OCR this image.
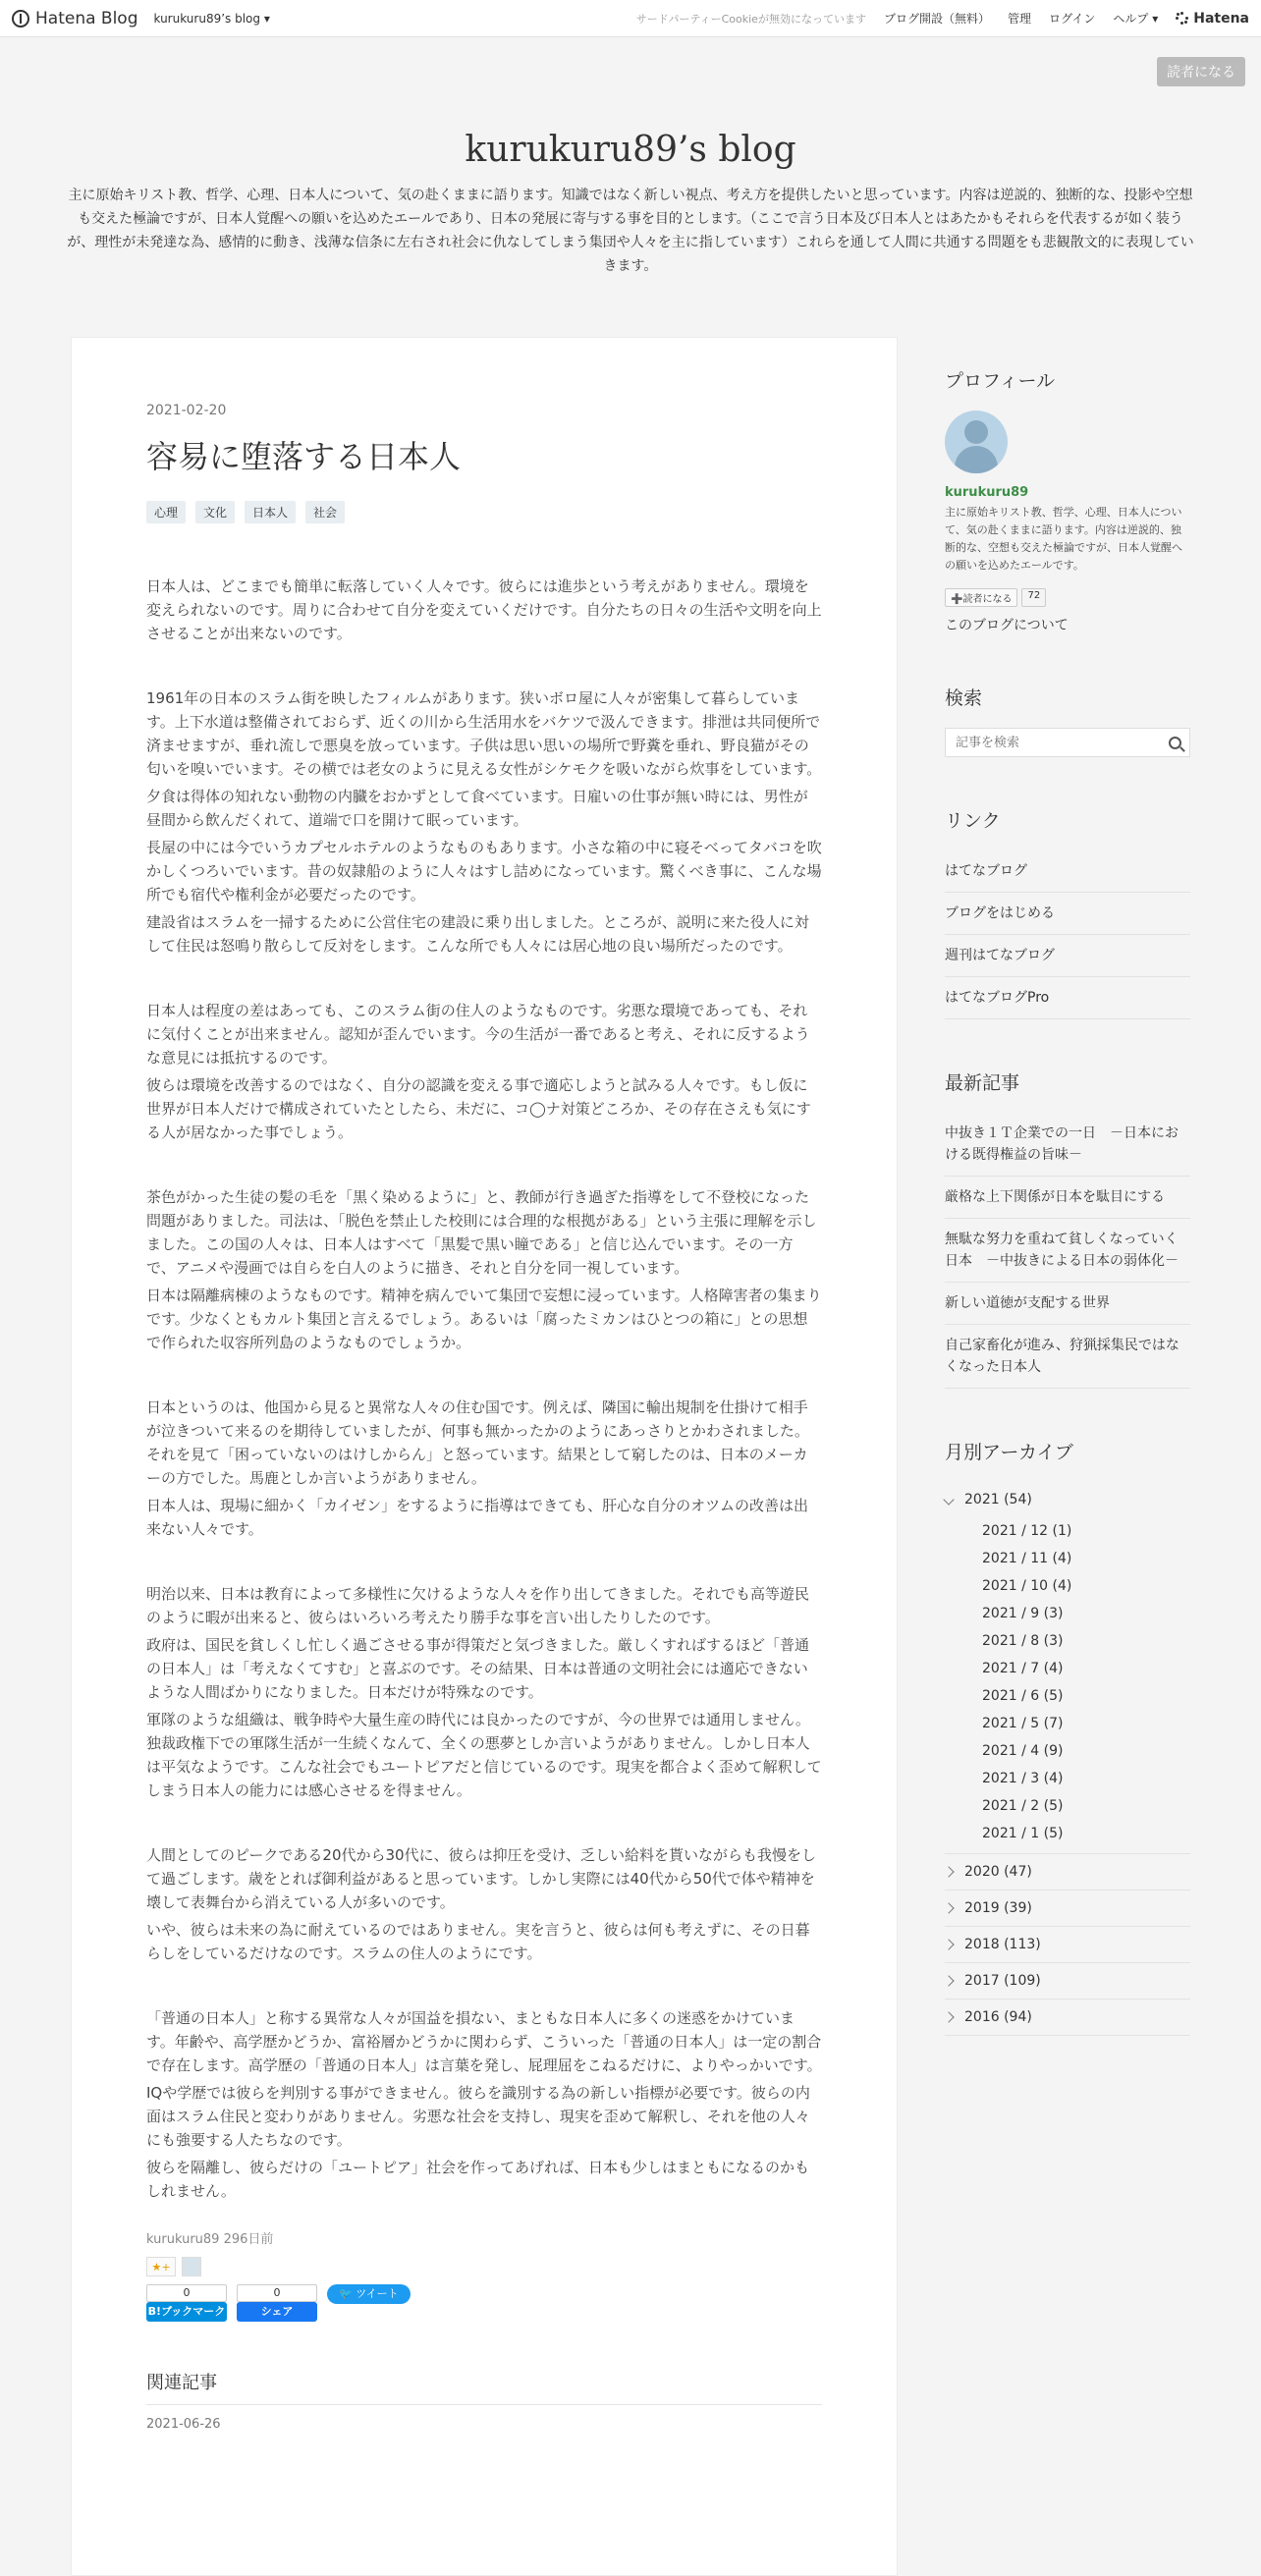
Hatena Blog kurukuru89’s blog ▾	サードパーティーCookieが無効になっています ブログ開設（無料） 管理 ログイン ヘルプ ▾	Hatena
読者になる
kurukuru89’s blog
主に原始キリスト教、哲学、心理、日本人について、気の赴くままに語ります。知識ではなく新しい視点、考え方を提供したいと思っています。内容は逆説的、独断的な、投影や空想も交えた極論ですが、日本人覚醒への願いを込めたエールであり、日本の発展に寄与する事を目的とします。（ここで言う日本及び日本人とはあたかもそれらを代表するが如く装うが、理性が未発達な為、感情的に動き、浅薄な信条に左右され社会に仇なしてしまう集団や人々を主に指しています）これらを通して人間に共通する問題をも悲観散文的に表現していきます。
2021-02-20
容易に堕落する日本人
心理	文化	日本人	社会

日本人は、どこまでも簡単に転落していく人々です。彼らには進歩という考えがありません。環境を変えられないのです。周りに合わせて自分を変えていくだけです。自分たちの日々の生活や文明を向上させることが出来ないのです。

1961年の日本のスラム街を映したフィルムがあります。狭いボロ屋に人々が密集して暮らしています。上下水道は整備されておらず、近くの川から生活用水をバケツで汲んできます。排泄は共同便所で済ませますが、垂れ流しで悪臭を放っています。子供は思い思いの場所で野糞を垂れ、野良猫がその匂いを嗅いでいます。その横では老女のように見える女性がシケモクを吸いながら炊事をしています。

夕食は得体の知れない動物の内臓をおかずとして食べています。日雇いの仕事が無い時には、男性が昼間から飲んだくれて、道端で口を開けて眠っています。

長屋の中には今でいうカプセルホテルのようなものもあります。小さな箱の中に寝そべってタバコを吹かしくつろいでいます。昔の奴隷船のように人々はすし詰めになっています。驚くべき事に、こんな場所でも宿代や権利金が必要だったのです。

建設省はスラムを一掃するために公営住宅の建設に乗り出しました。ところが、説明に来た役人に対して住民は怒鳴り散らして反対をします。こんな所でも人々には居心地の良い場所だったのです。

日本人は程度の差はあっても、このスラム街の住人のようなものです。劣悪な環境であっても、それに気付くことが出来ません。認知が歪んでいます。今の生活が一番であると考え、それに反するような意見には抵抗するのです。

彼らは環境を改善するのではなく、自分の認識を変える事で適応しようと試みる人々です。もし仮に世界が日本人だけで構成されていたとしたら、未だに、コ◯ナ対策どころか、その存在さえも気にする人が居なかった事でしょう。

茶色がかった生徒の髪の毛を「黒く染めるように」と、教師が行き過ぎた指導をして不登校になった問題がありました。司法は、「脱色を禁止した校則には合理的な根拠がある」という主張に理解を示しました。この国の人々は、日本人はすべて「黒髪で黒い瞳である」と信じ込んでいます。その一方で、アニメや漫画では自らを白人のように描き、それと自分を同一視しています。

日本は隔離病棟のようなものです。精神を病んでいて集団で妄想に浸っています。人格障害者の集まりです。少なくともカルト集団と言えるでしょう。あるいは「腐ったミカンはひとつの箱に」との思想で作られた収容所列島のようなものでしょうか。

日本というのは、他国から見ると異常な人々の住む国です。例えば、隣国に輸出規制を仕掛けて相手が泣きついて来るのを期待していましたが、何事も無かったかのようにあっさりとかわされました。それを見て「困っていないのはけしからん」と怒っています。結果として窮したのは、日本のメーカーの方でした。馬鹿としか言いようがありません。

日本人は、現場に細かく「カイゼン」をするように指導はできても、肝心な自分のオツムの改善は出来ない人々です。

明治以来、日本は教育によって多様性に欠けるような人々を作り出してきました。それでも高等遊民のように暇が出来ると、彼らはいろいろ考えたり勝手な事を言い出したりしたのです。

政府は、国民を貧しくし忙しく過ごさせる事が得策だと気づきました。厳しくすればするほど「普通の日本人」は「考えなくてすむ」と喜ぶのです。その結果、日本は普通の文明社会には適応できないような人間ばかりになりました。日本だけが特殊なのです。

軍隊のような組織は、戦争時や大量生産の時代には良かったのですが、今の世界では通用しません。独裁政権下での軍隊生活が一生続くなんて、全くの悪夢としか言いようがありません。しかし日本人は平気なようです。こんな社会でもユートピアだと信じているのです。現実を都合よく歪めて解釈してしまう日本人の能力には感心させるを得ません。

人間としてのピークである20代から30代に、彼らは抑圧を受け、乏しい給料を貰いながらも我慢をして過ごします。歳をとれば御利益があると思っています。しかし実際には40代から50代で体や精神を壊して表舞台から消えている人が多いのです。

いや、彼らは未来の為に耐えているのではありません。実を言うと、彼らは何も考えずに、その日暮らしをしているだけなのです。スラムの住人のようにです。

「普通の日本人」と称する異常な人々が国益を損ない、まともな日本人に多くの迷惑をかけています。年齢や、高学歴かどうか、富裕層かどうかに関わらず、こういった「普通の日本人」は一定の割合で存在します。高学歴の「普通の日本人」は言葉を発し、屁理屈をこねるだけに、よりやっかいです。

IQや学歴では彼らを判別する事ができません。彼らを識別する為の新しい指標が必要です。彼らの内面はスラム住民と変わりがありません。劣悪な社会を支持し、現実を歪めて解釈し、それを他の人々にも強要する人たちなのです。

彼らを隔離し、彼らだけの「ユートピア」社会を作ってあげれば、日本も少しはまともになるのかもしれません。

kurukuru89 296日前
★+
0
B!ブックマーク
0
シェア
🐦 ツイート
関連記事
2021-06-26
プロフィール
kurukuru89
主に原始キリスト教、哲学、心理、日本人について、気の赴くままに語ります。内容は逆説的、独断的な、空想も交えた極論ですが、日本人覚醒への願いを込めたエールです。
➕読者になる	72
このブログについて
検索
記事を検索
リンク
はてなブログ
ブログをはじめる
週刊はてなブログ
はてなブログPro
最新記事
中抜き１Ｔ企業での一日　－日本における既得権益の旨味－
厳格な上下関係が日本を駄目にする
無駄な努力を重ねて貧しくなっていく日本　－中抜きによる日本の弱体化－
新しい道徳が支配する世界
自己家畜化が進み、狩猟採集民ではなくなった日本人
月別アーカイブ
2021 (54)
2021 / 12 (1)
2021 / 11 (4)
2021 / 10 (4)
2021 / 9 (3)
2021 / 8 (3)
2021 / 7 (4)
2021 / 6 (5)
2021 / 5 (7)
2021 / 4 (9)
2021 / 3 (4)
2021 / 2 (5)
2021 / 1 (5)
2020 (47)
2019 (39)
2018 (113)
2017 (109)
2016 (94)
